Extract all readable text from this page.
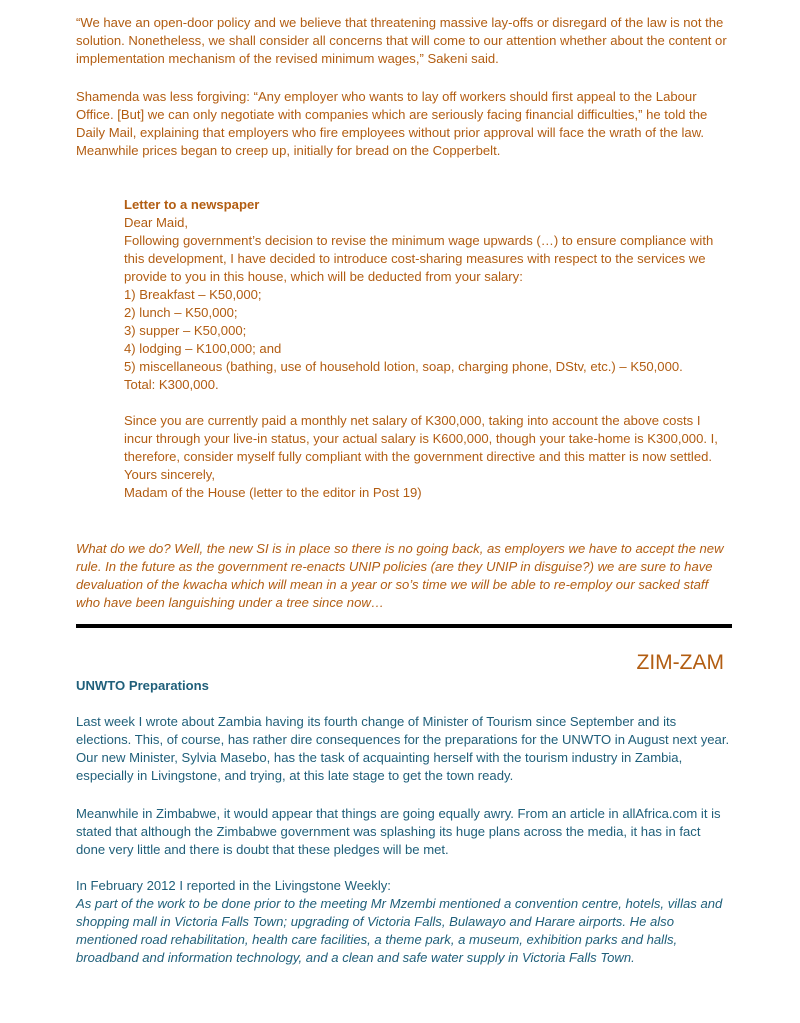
“We have an open-door policy and we believe that threatening massive lay-offs or disregard of the law is not the solution. Nonetheless, we shall consider all concerns that will come to our attention whether about the content or implementation mechanism of the revised minimum wages,” Sakeni said.

Shamenda was less forgiving: “Any employer who wants to lay off workers should first appeal to the Labour Office. [But] we can only negotiate with companies which are seriously facing financial difficulties,” he told the Daily Mail, explaining that employers who fire employees without prior approval will face the wrath of the law.

Meanwhile prices began to creep up, initially for bread on the Copperbelt.

Letter to a newspaper

Dear Maid,

Following government’s decision to revise the minimum wage upwards (…) to ensure compliance with this development, I have decided to introduce cost-sharing measures with respect to the services we provide to you in this house, which will be deducted from your salary:

1) Breakfast – K50,000;

2) lunch – K50,000;

3) supper – K50,000;

4) lodging – K100,000; and

5) miscellaneous (bathing, use of household lotion, soap, charging phone, DStv, etc.) – K50,000.

Total: K300,000.

Since you are currently paid a monthly net salary of K300,000, taking into account the above costs I incur through your live-in status, your actual salary is K600,000, though your take-home is K300,000. I, therefore, consider myself fully compliant with the government directive and this matter is now settled.

Yours sincerely,

Madam of the House (letter to the editor in Post 19)

What do we do? Well, the new SI is in place so there is no going back, as employers we have to accept the new rule. In the future as the government re-enacts UNIP policies (are they UNIP in disguise?) we are sure to have devaluation of the kwacha which will mean in a year or so’s time we will be able to re-employ our sacked staff who have been languishing under a tree since now…

ZIM-ZAM
UNWTO Preparations

Last week I wrote about Zambia having its fourth change of Minister of Tourism since September and its elections. This, of course, has rather dire consequences for the preparations for the UNWTO in August next year. Our new Minister, Sylvia Masebo, has the task of acquainting herself with the tourism industry in Zambia, especially in Livingstone, and trying, at this late stage to get the town ready.

Meanwhile in Zimbabwe, it would appear that things are going equally awry. From an article in allAfrica.com it is stated that although the Zimbabwe government was splashing its huge plans across the media, it has in fact done very little and there is doubt that these pledges will be met.

In February 2012 I reported in the Livingstone Weekly:

As part of the work to be done prior to the meeting Mr Mzembi mentioned a convention centre, hotels, villas and shopping mall in Victoria Falls Town; upgrading of Victoria Falls, Bulawayo and Harare airports. He also mentioned road rehabilitation, health care facilities, a theme park, a museum, exhibition parks and halls, broadband and information technology, and a clean and safe water supply in Victoria Falls Town.
